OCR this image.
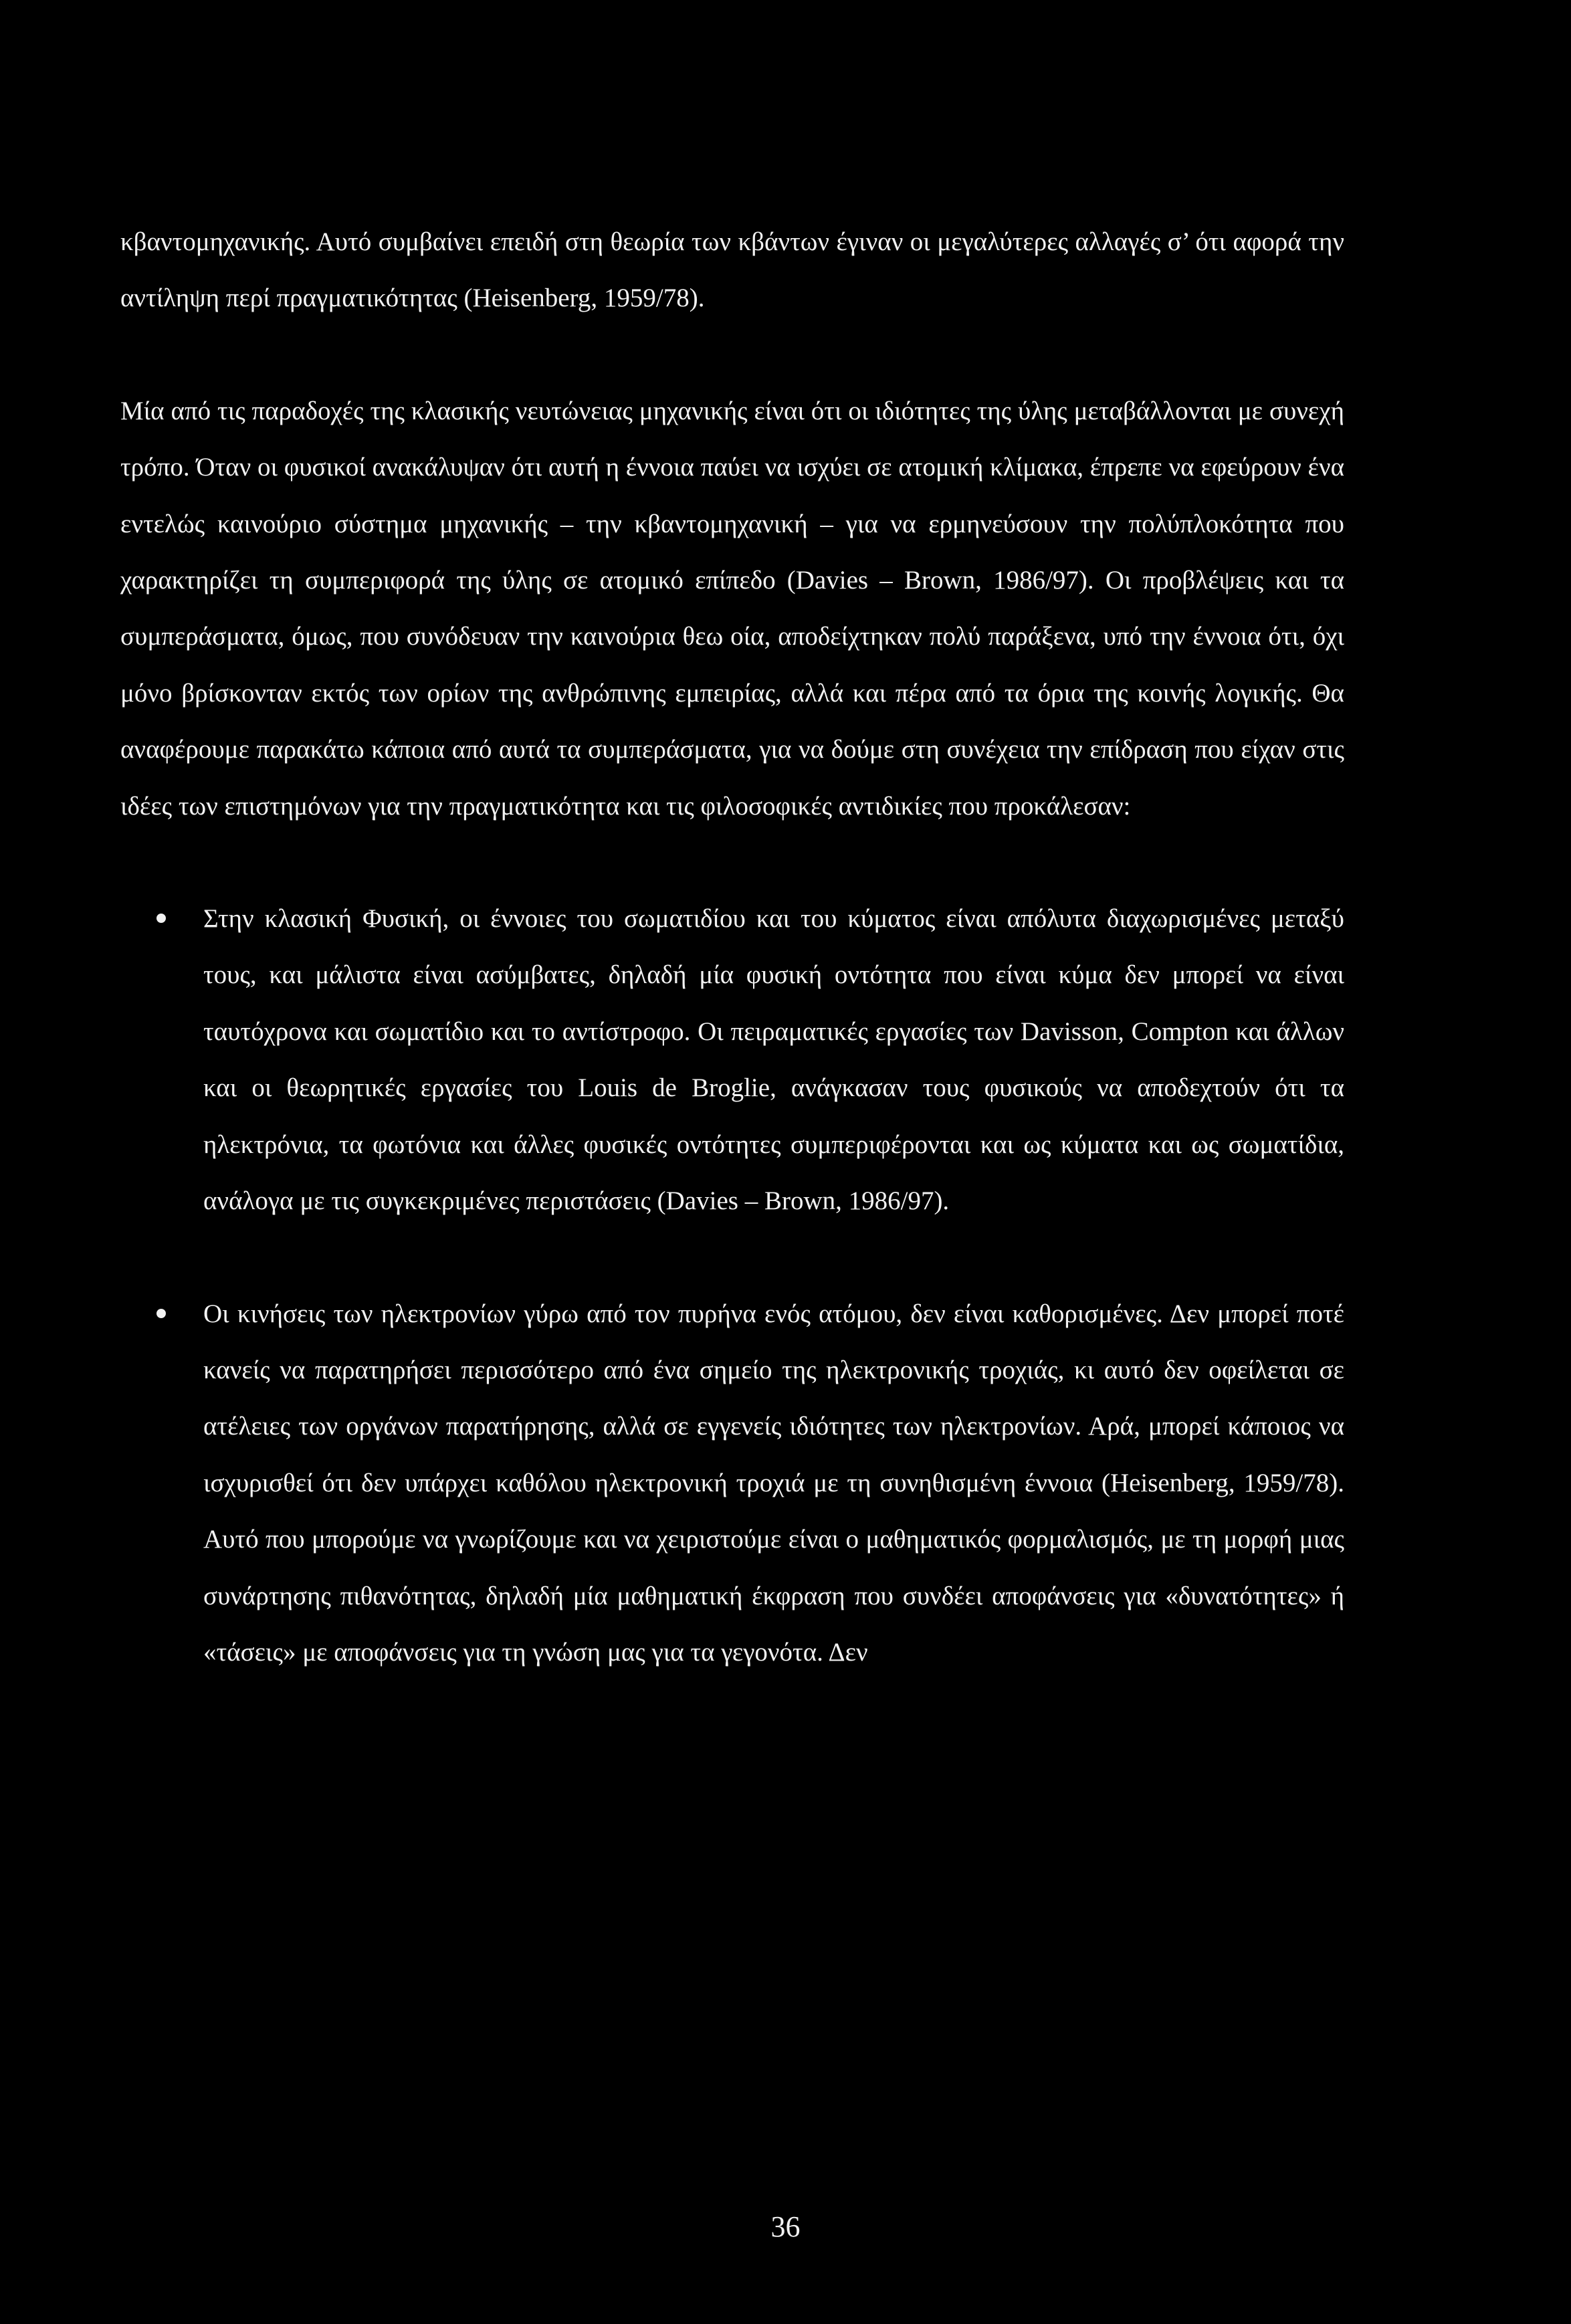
κβαντομηχανικής. Αυτό συμβαίνει επειδή στη θεωρία των κβάντων έγιναν οι μεγαλύτερες αλλαγές σ’ ότι αφορά την αντίληψη περί πραγματικότητας (Heisenberg, 1959/78).

Μία από τις παραδοχές της κλασικής νευτώνειας μηχανικής είναι ότι οι ιδιότητες της ύλης μεταβάλλονται με συνεχή τρόπο. Όταν οι φυσικοί ανακάλυψαν ότι αυτή η έννοια παύει να ισχύει σε ατομική κλίμακα, έπρεπε να εφεύρουν ένα εντελώς καινούριο σύστημα μηχανικής – την κβαντομηχανική – για να ερμηνεύσουν την πολύπλοκότητα που χαρακτηρίζει τη συμπεριφορά της ύλης σε ατομικό επίπεδο (Davies – Brown, 1986/97). Οι προβλέψεις και τα συμπεράσματα, όμως, που συνόδευαν την καινούρια θεω οία, αποδείχτηκαν πολύ παράξενα, υπό την έννοια ότι, όχι μόνο βρίσκονταν εκτός των ορίων της ανθρώπινης εμπειρίας, αλλά και πέρα από τα όρια της κοινής λογικής. Θα αναφέρουμε παρακάτω κάποια από αυτά τα συμπεράσματα, για να δούμε στη συνέχεια την επίδραση που είχαν στις ιδέες των επιστημόνων για την πραγματικότητα και τις φιλοσοφικές αντιδικίες που προκάλεσαν:

Στην κλασική Φυσική, οι έννοιες του σωματιδίου και του κύματος είναι απόλυτα διαχωρισμένες μεταξύ τους, και μάλιστα είναι ασύμβατες, δηλαδή μία φυσική οντότητα που είναι κύμα δεν μπορεί να είναι ταυτόχρονα και σωματίδιο και το αντίστροφο. Οι πειραματικές εργασίες των Davisson, Compton και άλλων και οι θεωρητικές εργασίες του Louis de Broglie, ανάγκασαν τους φυσικούς να αποδεχτούν ότι τα ηλεκτρόνια, τα φωτόνια και άλλες φυσικές οντότητες συμπεριφέρονται και ως κύματα και ως σωματίδια, ανάλογα με τις συγκεκριμένες περιστάσεις (Davies – Brown, 1986/97).
Οι κινήσεις των ηλεκτρονίων γύρω από τον πυρήνα ενός ατόμου, δεν είναι καθορισμένες. Δεν μπορεί ποτέ κανείς να παρατηρήσει περισσότερο από ένα σημείο της ηλεκτρονικής τροχιάς, κι αυτό δεν οφείλεται σε ατέλειες των οργάνων παρατήρησης, αλλά σε εγγενείς ιδιότητες των ηλεκτρονίων. Αρά, μπορεί κάποιος να ισχυρισθεί ότι δεν υπάρχει καθόλου ηλεκτρονική τροχιά με τη συνηθισμένη έννοια (Heisenberg, 1959/78). Αυτό που μπορούμε να γνωρίζουμε και να χειριστούμε είναι ο μαθηματικός φορμαλισμός, με τη μορφή μιας συνάρτησης πιθανότητας, δηλαδή μία μαθηματική έκφραση που συνδέει αποφάνσεις για «δυνατότητες» ή «τάσεις» με αποφάνσεις για τη γνώση μας για τα γεγονότα. Δεν
36
